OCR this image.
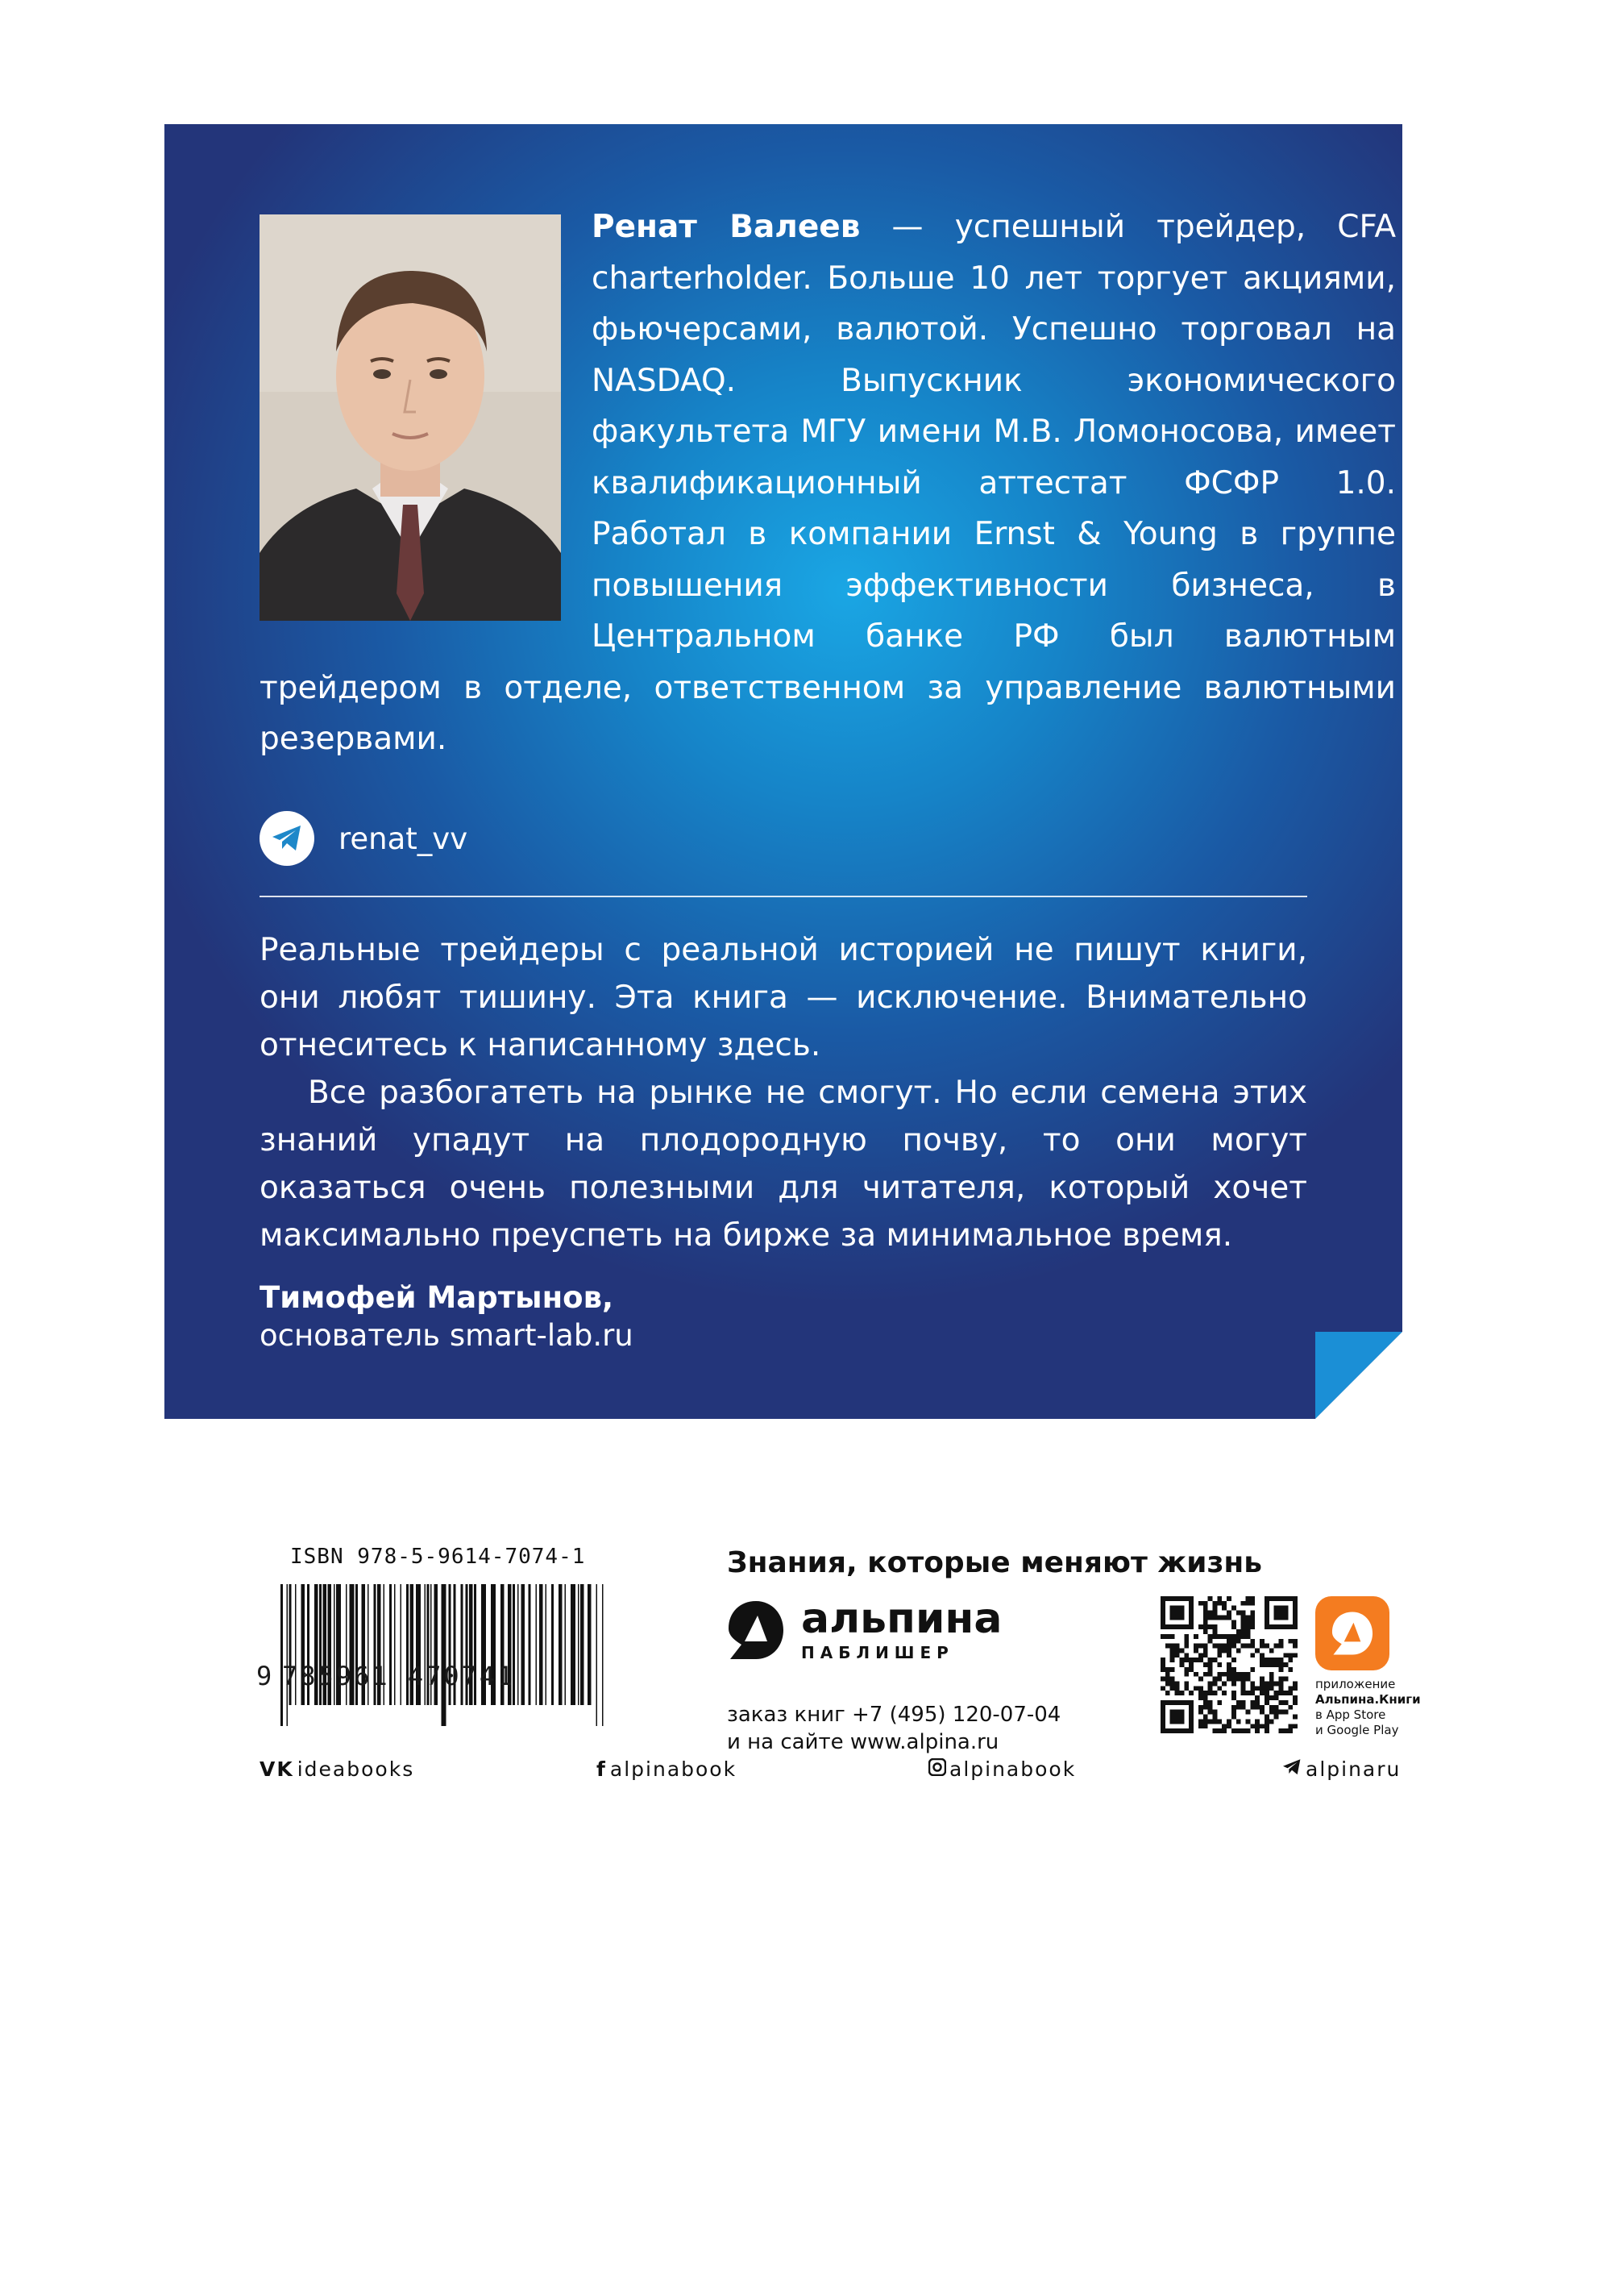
Ренат Валеев — успешный трейдер, CFA charterholder. Больше 10 лет торгует акциями, фьючерсами, валютой. Успешно торговал на NASDAQ. Выпускник экономического факультета МГУ имени М.В. Ломоносова, имеет квалификационный аттестат ФСФР 1.0. Работал в компании Ernst & Young в группе повышения эффективности бизнеса, в Центральном банке РФ был валютным трейдером в отделе, ответственном за управление валютными резервами.

renat_vv

Реальные трейдеры с реальной историей не пишут книги, они любят тишину. Эта книга — исключение. Внимательно отнеситесь к написанному здесь.

Все разбогатеть на рынке не смогут. Но если семена этих знаний упадут на плодородную почву, то они могут оказаться очень полезными для читателя, который хочет максимально преуспеть на бирже за минимальное время.

Тимофей Мартынов,
основатель smart-lab.ru
ISBN 978-5-9614-7074-1
9 785961 470741
Знания, которые меняют жизнь
альпина
ПАБЛИШЕР
заказ книг +7 (495) 120-07-04
и на сайте www.alpina.ru
приложение
Альпина.Книги
в App Store
и Google Play
VK ideabooks	f alpinabook	alpinabook	alpinaru
